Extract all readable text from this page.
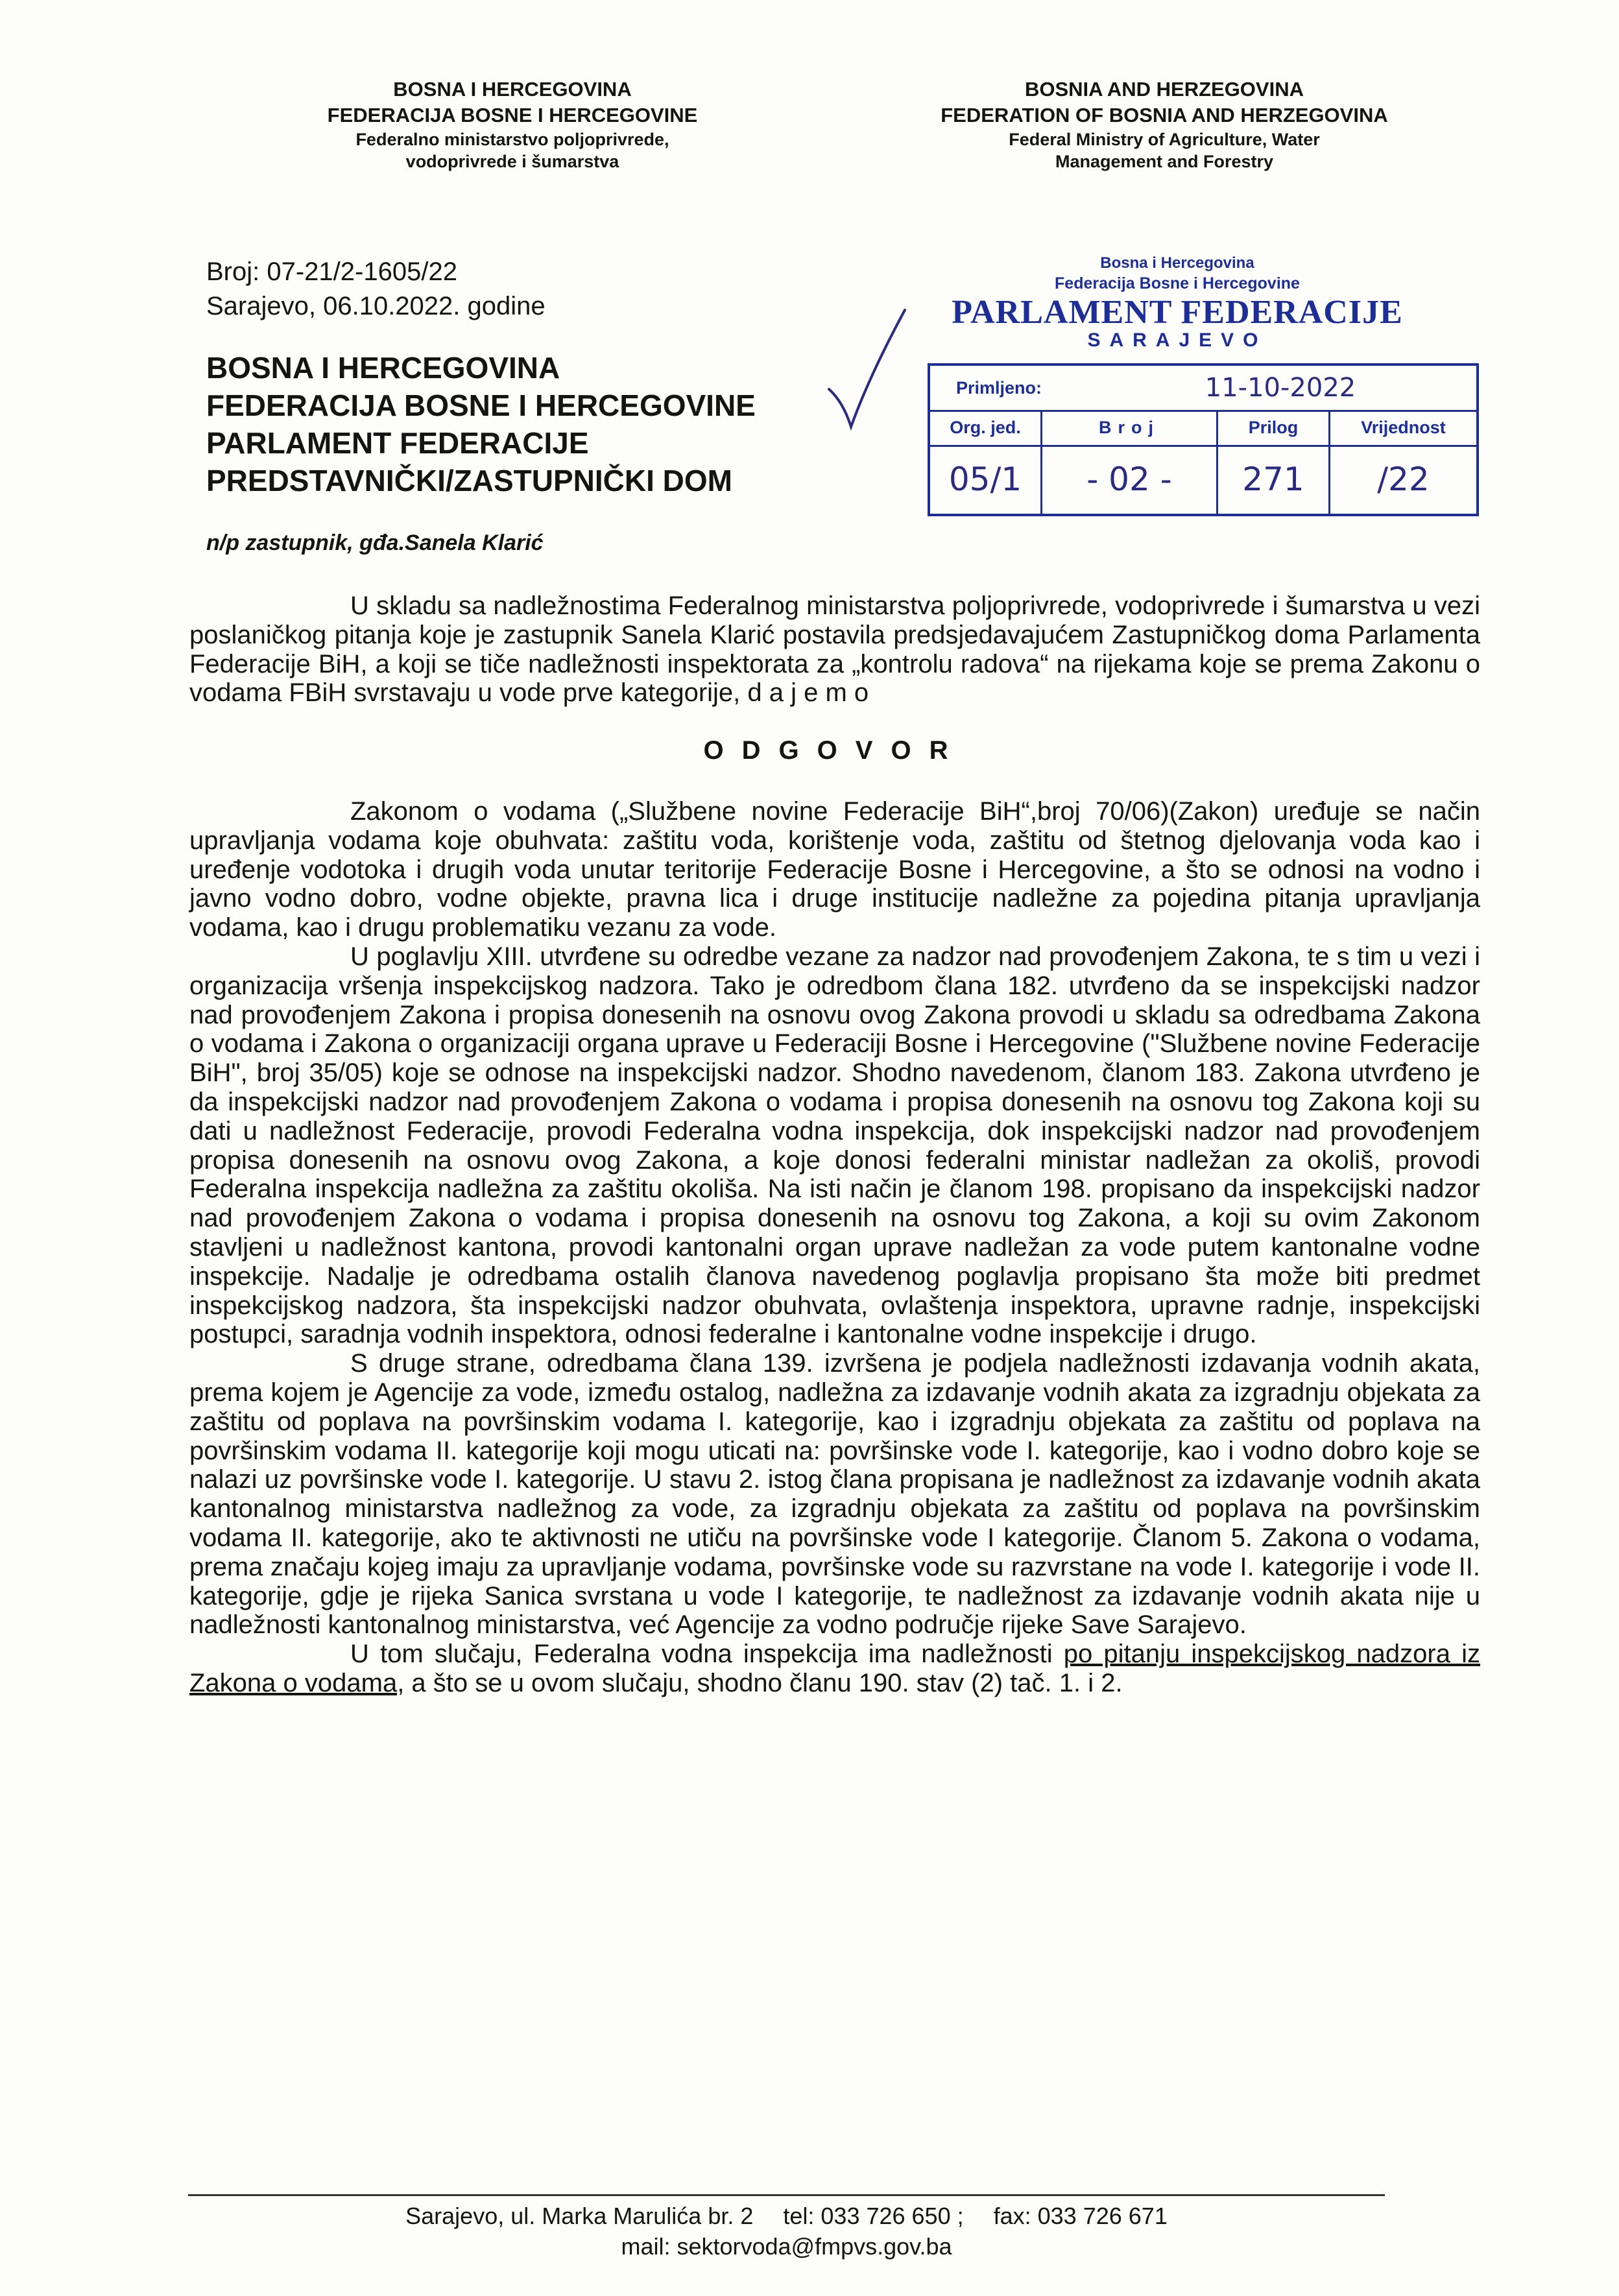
BOSNA I HERCEGOVINA
FEDERACIJA BOSNE I HERCEGOVINE
Federalno ministarstvo poljoprivrede,
vodoprivrede i šumarstva
BOSNIA AND HERZEGOVINA
FEDERATION OF BOSNIA AND HERZEGOVINA
Federal Ministry of Agriculture, Water
Management and Forestry
Broj: 07-21/2-1605/22
Sarajevo, 06.10.2022. godine
BOSNA I HERCEGOVINA
FEDERACIJA BOSNE I HERCEGOVINE
PARLAMENT FEDERACIJE
PREDSTAVNIČKI/ZASTUPNIČKI DOM
n/p zastupnik, gđa.Sanela Klarić
Bosna i Hercegovina
Federacija Bosne i Hercegovine
PARLAMENT FEDERACIJE
SARAJEVO
Primljeno:	11-10-2022
Org. jed.	Broj	Prilog	Vrijednost
05/1	- 02 -	271	/22

U skladu sa nadležnostima Federalnog ministarstva poljoprivrede, vodoprivrede i šumarstva u vezi poslaničkog pitanja koje je zastupnik Sanela Klarić postavila predsjedavajućem Zastupničkog doma Parlamenta Federacije BiH, a koji se tiče nadležnosti inspektorata za „kontrolu radova“ na rijekama koje se prema Zakonu o vodama FBiH svrstavaju u vode prve kategorije, d a j e m o

ODGOVOR

Zakonom o vodama („Službene novine Federacije BiH“,broj 70/06)(Zakon) uređuje se način upravljanja vodama koje obuhvata: zaštitu voda, korištenje voda, zaštitu od štetnog djelovanja voda kao i uređenje vodotoka i drugih voda unutar teritorije Federacije Bosne i Hercegovine, a što se odnosi na vodno i javno vodno dobro, vodne objekte, pravna lica i druge institucije nadležne za pojedina pitanja upravljanja vodama, kao i drugu problematiku vezanu za vode.

U poglavlju XIII. utvrđene su odredbe vezane za nadzor nad provođenjem Zakona, te s tim u vezi i organizacija vršenja inspekcijskog nadzora. Tako je odredbom člana 182. utvrđeno da se inspekcijski nadzor nad provođenjem Zakona i propisa donesenih na osnovu ovog Zakona provodi u skladu sa odredbama Zakona o vodama i Zakona o organizaciji organa uprave u Federaciji Bosne i Hercegovine ("Službene novine Federacije BiH", broj 35/05) koje se odnose na inspekcijski nadzor. Shodno navedenom, članom 183. Zakona utvrđeno je da inspekcijski nadzor nad provođenjem Zakona o vodama i propisa donesenih na osnovu tog Zakona koji su dati u nadležnost Federacije, provodi Federalna vodna inspekcija, dok inspekcijski nadzor nad provođenjem propisa donesenih na osnovu ovog Zakona, a koje donosi federalni ministar nadležan za okoliš, provodi Federalna inspekcija nadležna za zaštitu okoliša. Na isti način je članom 198. propisano da inspekcijski nadzor nad provođenjem Zakona o vodama i propisa donesenih na osnovu tog Zakona, a koji su ovim Zakonom stavljeni u nadležnost kantona, provodi kantonalni organ uprave nadležan za vode putem kantonalne vodne inspekcije. Nadalje je odredbama ostalih članova navedenog poglavlja propisano šta može biti predmet inspekcijskog nadzora, šta inspekcijski nadzor obuhvata, ovlaštenja inspektora, upravne radnje, inspekcijski postupci, saradnja vodnih inspektora, odnosi federalne i kantonalne vodne inspekcije i drugo.

S druge strane, odredbama člana 139. izvršena je podjela nadležnosti izdavanja vodnih akata, prema kojem je Agencije za vode, između ostalog, nadležna za izdavanje vodnih akata za izgradnju objekata za zaštitu od poplava na površinskim vodama I. kategorije, kao i izgradnju objekata za zaštitu od poplava na površinskim vodama II. kategorije koji mogu uticati na: površinske vode I. kategorije, kao i vodno dobro koje se nalazi uz površinske vode I. kategorije. U stavu 2. istog člana propisana je nadležnost za izdavanje vodnih akata kantonalnog ministarstva nadležnog za vode, za izgradnju objekata za zaštitu od poplava na površinskim vodama II. kategorije, ako te aktivnosti ne utiču na površinske vode I kategorije. Članom 5. Zakona o vodama, prema značaju kojeg imaju za upravljanje vodama, površinske vode su razvrstane na vode I. kategorije i vode II. kategorije, gdje je rijeka Sanica svrstana u vode I kategorije, te nadležnost za izdavanje vodnih akata nije u nadležnosti kantonalnog ministarstva, već Agencije za vodno područje rijeke Save Sarajevo.

U tom slučaju, Federalna vodna inspekcija ima nadležnosti po pitanju inspekcijskog nadzora iz Zakona o vodama, a što se u ovom slučaju, shodno članu 190. stav (2) tač. 1. i 2.

Sarajevo, ul. Marka Marulića br. 2 tel: 033 726 650 ; fax: 033 726 671
mail: sektorvoda@fmpvs.gov.ba
